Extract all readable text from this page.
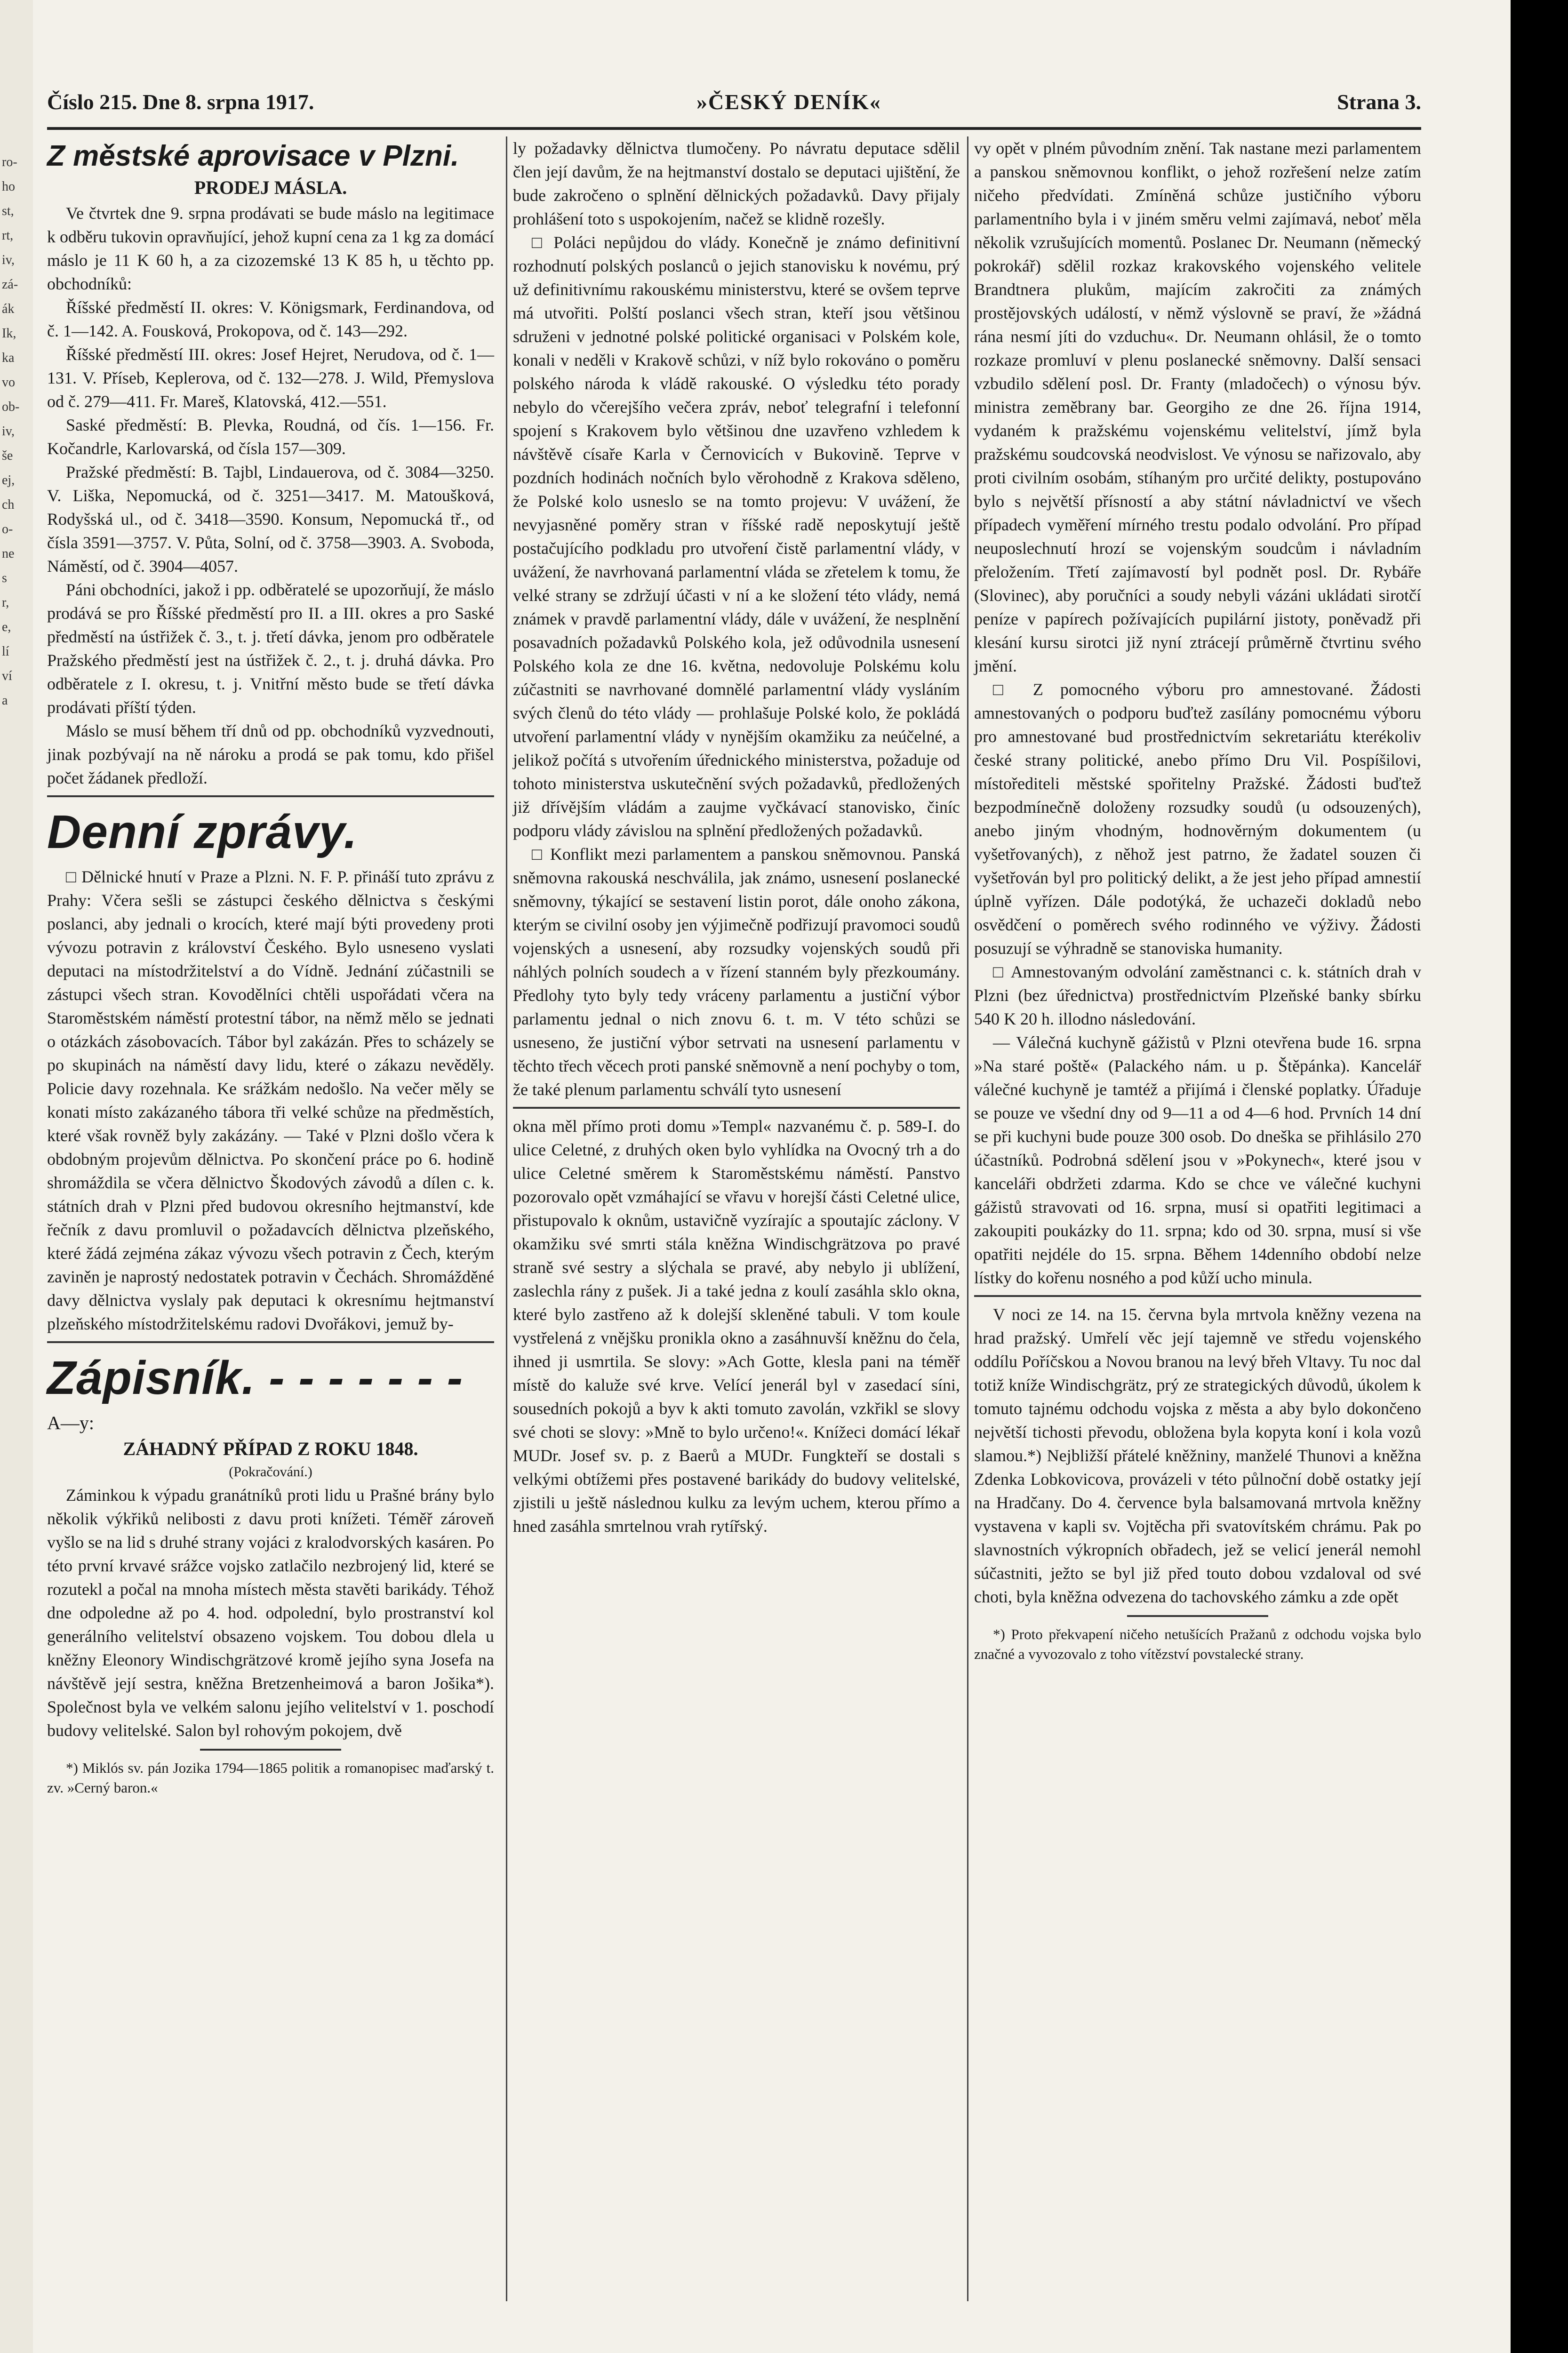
ro-
ho
st,
rt,
iv,
zá-
ák
Ik,
ka
vo
ob-
iv,
še
ej,
ch
o-
ne
s
r,
e,
lí
ví
a
Číslo 215. Dne 8. srpna 1917.	»ČESKÝ DENÍK«	Strana 3.
Z městské aprovisace v Plzni.
PRODEJ MÁSLA.

Ve čtvrtek dne 9. srpna prodávati se bude máslo na legitimace k odběru tukovin opravňující, jehož kupní cena za 1 kg za domácí máslo je 11 K 60 h, a za cizozemské 13 K 85 h, u těchto pp. obchodníků:

Říšské předměstí II. okres: V. Königsmark, Ferdinandova, od č. 1—142. A. Fousková, Prokopova, od č. 143—292.

Říšské předměstí III. okres: Josef Hejret, Nerudova, od č. 1—131. V. Příseb, Keplerova, od č. 132—278. J. Wild, Přemyslova od č. 279—411. Fr. Mareš, Klatovská, 412.—551.

Saské předměstí: B. Plevka, Roudná, od čís. 1—156. Fr. Kočandrle, Karlovarská, od čísla 157—309.

Pražské předměstí: B. Tajbl, Lindauerova, od č. 3084—3250. V. Liška, Nepomucká, od č. 3251—3417. M. Matoušková, Rodyšská ul., od č. 3418—3590. Konsum, Nepomucká tř., od čísla 3591—3757. V. Půta, Solní, od č. 3758—3903. A. Svoboda, Náměstí, od č. 3904—4057.

Páni obchodníci, jakož i pp. odběratelé se upozorňují, že máslo prodává se pro Říšské předměstí pro II. a III. okres a pro Saské předměstí na ústřižek č. 3., t. j. třetí dávka, jenom pro odběratele Pražského předměstí jest na ústřižek č. 2., t. j. druhá dávka. Pro odběratele z I. okresu, t. j. Vnitřní město bude se třetí dávka prodávati příští týden.

Máslo se musí během tří dnů od pp. obchodníků vyzvednouti, jinak pozbývají na ně nároku a prodá se pak tomu, kdo přišel počet žádanek předloží.

Denní zprávy.

□ Dělnické hnutí v Praze a Plzni. N. F. P. přináší tuto zprávu z Prahy: Včera sešli se zástupci českého dělnictva s českými poslanci, aby jednali o krocích, které mají býti provedeny proti vývozu potravin z království Českého. Bylo usneseno vyslati deputaci na místodržitelství a do Vídně. Jednání zúčastnili se zástupci všech stran. Kovodělníci chtěli uspořádati včera na Staroměstském náměstí protestní tábor, na němž mělo se jednati o otázkách zásobovacích. Tábor byl zakázán. Přes to scházely se po skupinách na náměstí davy lidu, které o zákazu nevěděly. Policie davy rozehnala. Ke srážkám nedošlo. Na večer měly se konati místo zakázaného tábora tři velké schůze na předměstích, které však rovněž byly zakázány. — Také v Plzni došlo včera k obdobným projevům dělnictva. Po skončení práce po 6. hodině shromáždila se včera dělnictvo Škodových závodů a dílen c. k. státních drah v Plzni před budovou okresního hejtmanství, kde řečník z davu promluvil o požadavcích dělnictva plzeňského, které žádá zejména zákaz vývozu všech potravin z Čech, kterým zaviněn je naprostý nedostatek potravin v Čechách. Shromážděné davy dělnictva vyslaly pak deputaci k okresnímu hejtmanství plzeňského místodržitelskému radovi Dvořákovi, jemuž by-

Zápisník. - - - - - - -
A—y:
ZÁHADNÝ PŘÍPAD Z ROKU 1848.
(Pokračování.)

Záminkou k výpadu granátníků proti lidu u Prašné brány bylo několik výkřiků nelibosti z davu proti knížeti. Téměř zároveň vyšlo se na lid s druhé strany vojáci z kralodvorských kasáren. Po této první krvavé srážce vojsko zatlačilo nezbrojený lid, které se rozutekl a počal na mnoha místech města stavěti barikády. Téhož dne odpoledne až po 4. hod. odpolední, bylo prostranství kol generálního velitelství obsazeno vojskem. Tou dobou dlela u kněžny Eleonory Windischgrätzové kromě jejího syna Josefa na návštěvě její sestra, kněžna Bretzenheimová a baron Jošika*). Společnost byla ve velkém salonu jejího velitelství v 1. poschodí budovy velitelské. Salon byl rohovým pokojem, dvě

*) Miklós sv. pán Jozika 1794—1865 politik a romanopisec maďarský t. zv. »Cerný baron.«

ly požadavky dělnictva tlumočeny. Po návratu deputace sdělil člen její davům, že na hejtmanství dostalo se deputaci ujištění, že bude zakročeno o splnění dělnických požadavků. Davy přijaly prohlášení toto s uspokojením, načež se klidně rozešly.

□ Poláci nepůjdou do vlády. Konečně je známo definitivní rozhodnutí polských poslanců o jejich stanovisku k novému, prý už definitivnímu rakouskému ministerstvu, které se ovšem teprve má utvořiti. Polští poslanci všech stran, kteří jsou většinou sdruženi v jednotné polské politické organisaci v Polském kole, konali v neděli v Krakově schůzi, v níž bylo rokováno o poměru polského národa k vládě rakouské. O výsledku této porady nebylo do včerejšího večera zpráv, neboť telegrafní i telefonní spojení s Krakovem bylo většinou dne uzavřeno vzhledem k návštěvě císaře Karla v Černovicích v Bukovině. Teprve v pozdních hodinách nočních bylo věrohodně z Krakova sděleno, že Polské kolo usneslo se na tomto projevu: V uvážení, že nevyjasněné poměry stran v říšské radě neposkytují ještě postačujícího podkladu pro utvoření čistě parlamentní vlády, v uvážení, že navrhovaná parlamentní vláda se zřetelem k tomu, že velké strany se zdržují účasti v ní a ke složení této vlády, nemá známek v pravdě parlamentní vlády, dále v uvážení, že nesplnění posavadních požadavků Polského kola, jež odůvodnila usnesení Polského kola ze dne 16. května, nedovoluje Polskému kolu zúčastniti se navrhované domnělé parlamentní vlády vysláním svých členů do této vlády — prohlašuje Polské kolo, že pokládá utvoření parlamentní vlády v nynějším okamžiku za neúčelné, a jelikož počítá s utvořením úřednického ministerstva, požaduje od tohoto ministerstva uskutečnění svých požadavků, předložených již dřívějším vládám a zaujme vyčkávací stanovisko, činíc podporu vlády závislou na splnění předložených požadavků.

□ Konflikt mezi parlamentem a panskou sněmovnou. Panská sněmovna rakouská neschválila, jak známo, usnesení poslanecké sněmovny, týkající se sestavení listin porot, dále onoho zákona, kterým se civilní osoby jen výjimečně podřizují pravomoci soudů vojenských a usnesení, aby rozsudky vojenských soudů při náhlých polních soudech a v řízení stanném byly přezkoumány. Předlohy tyto byly tedy vráceny parlamentu a justiční výbor parlamentu jednal o nich znovu 6. t. m. V této schůzi se usneseno, že justiční výbor setrvati na usnesení parlamentu v těchto třech věcech proti panské sněmovně a není pochyby o tom, že také plenum parlamentu schválí tyto usnesení

okna měl přímo proti domu »Templ« nazvanému č. p. 589-I. do ulice Celetné, z druhých oken bylo vyhlídka na Ovocný trh a do ulice Celetné směrem k Staroměstskému náměstí. Panstvo pozorovalo opět vzmáhající se vřavu v horejší části Celetné ulice, přistupovalo k oknům, ustavičně vyzírajíc a spoutajíc záclony. V okamžiku své smrti stála kněžna Windischgrätzova po pravé straně své sestry a slýchala se pravé, aby nebylo ji ublížení, zaslechla rány z pušek. Ji a také jedna z koulí zasáhla sklo okna, které bylo zastřeno až k dolejší skleněné tabuli. V tom koule vystřelená z vnějšku pronikla okno a zasáhnuvší kněžnu do čela, ihned ji usmrtila. Se slovy: »Ach Gotte, klesla pani na téměř místě do kaluže své krve. Velící jenerál byl v zasedací síni, sousedních pokojů a byv k akti tomuto zavolán, vzkřikl se slovy své choti se slovy: »Mně to bylo určeno!«. Knížeci domácí lékař MUDr. Josef sv. p. z Baerů a MUDr. Fungkteří se dostali s velkými obtížemi přes postavené barikády do budovy velitelské, zjistili u ještě následnou kulku za levým uchem, kterou přímo a hned zasáhla smrtelnou vrah rytířský.

vy opět v plném původním znění. Tak nastane mezi parlamentem a panskou sněmovnou konflikt, o jehož rozřešení nelze zatím ničeho předvídati. Zmíněná schůze justičního výboru parlamentního byla i v jiném směru velmi zajímavá, neboť měla několik vzrušujících momentů. Poslanec Dr. Neumann (německý pokrokář) sdělil rozkaz krakovského vojenského velitele Brandtnera plukům, majícím zakročiti za známých prostějovských událostí, v němž výslovně se praví, že »žádná rána nesmí jíti do vzduchu«. Dr. Neumann ohlásil, že o tomto rozkaze promluví v plenu poslanecké sněmovny. Další sensaci vzbudilo sdělení posl. Dr. Franty (mladočech) o výnosu býv. ministra zeměbrany bar. Georgiho ze dne 26. října 1914, vydaném k pražskému vojenskému velitelství, jímž byla pražskému soudcovská neodvislost. Ve výnosu se nařizovalo, aby proti civilním osobám, stíhaným pro určité delikty, postupováno bylo s největší přísností a aby státní návladnictví ve všech případech vyměření mírného trestu podalo odvolání. Pro případ neuposlechnutí hrozí se vojenským soudcům i návladním přeložením. Třetí zajímavostí byl podnět posl. Dr. Rybáře (Slovinec), aby poručníci a soudy nebyli vázáni ukládati sirotčí peníze v papírech požívajících pupilární jistoty, poněvadž při klesání kursu sirotci již nyní ztrácejí průměrně čtvrtinu svého jmění.

□ Z pomocného výboru pro amnestované. Žádosti amnestovaných o podporu buďtež zasílány pomocnému výboru pro amnestované bud prostřednictvím sekretariátu kterékoliv české strany politické, anebo přímo Dru Vil. Pospíšilovi, místořediteli městské spořitelny Pražské. Žádosti buďtež bezpodmínečně doloženy rozsudky soudů (u odsouzených), anebo jiným vhodným, hodnověrným dokumentem (u vyšetřovaných), z něhož jest patrno, že žadatel souzen či vyšetřován byl pro politický delikt, a že jest jeho případ amnestií úplně vyřízen. Dále podotýká, že uchazeči dokladů nebo osvědčení o poměrech svého rodinného ve výživy. Žádosti posuzují se výhradně se stanoviska humanity.

□ Amnestovaným odvolání zaměstnanci c. k. státních drah v Plzni (bez úřednictva) prostřednictvím Plzeňské banky sbírku 540 K 20 h. illodno následování.

— Válečná kuchyně gážistů v Plzni otevřena bude 16. srpna »Na staré poště« (Palackého nám. u p. Štěpánka). Kancelář válečné kuchyně je tamtéž a přijímá i členské poplatky. Úřaduje se pouze ve všední dny od 9—11 a od 4—6 hod. Prvních 14 dní se při kuchyni bude pouze 300 osob. Do dneška se přihlásilo 270 účastníků. Podrobná sdělení jsou v »Pokynech«, které jsou v kanceláři obdržeti zdarma. Kdo se chce ve válečné kuchyni gážistů stravovati od 16. srpna, musí si opatřiti legitimaci a zakoupiti poukázky do 11. srpna; kdo od 30. srpna, musí si vše opatřiti nejdéle do 15. srpna. Během 14denního období nelze lístky do kořenu nosného a pod kůží ucho minula.

V noci ze 14. na 15. června byla mrtvola kněžny vezena na hrad pražský. Umřelí věc její tajemně ve středu vojenského oddílu Poříčskou a Novou branou na levý břeh Vltavy. Tu noc dal totiž kníže Windischgrätz, prý ze strategických důvodů, úkolem k tomuto tajnému odchodu vojska z města a aby bylo dokončeno největší tichosti převodu, obložena byla kopyta koní i kola vozů slamou.*) Nejbližší přátelé kněžniny, manželé Thunovi a kněžna Zdenka Lobkovicova, provázeli v této půlnoční době ostatky její na Hradčany. Do 4. července byla balsamovaná mrtvola kněžny vystavena v kapli sv. Vojtěcha při svatovítském chrámu. Pak po slavnostních výkropních obřadech, jež se velicí jenerál nemohl súčastniti, ježto se byl již před touto dobou vzdaloval od své choti, byla kněžna odvezena do tachovského zámku a zde opět

*) Proto překvapení ničeho netušících Pražanů z odchodu vojska bylo značné a vyvozovalo z toho vítězství povstalecké strany.
